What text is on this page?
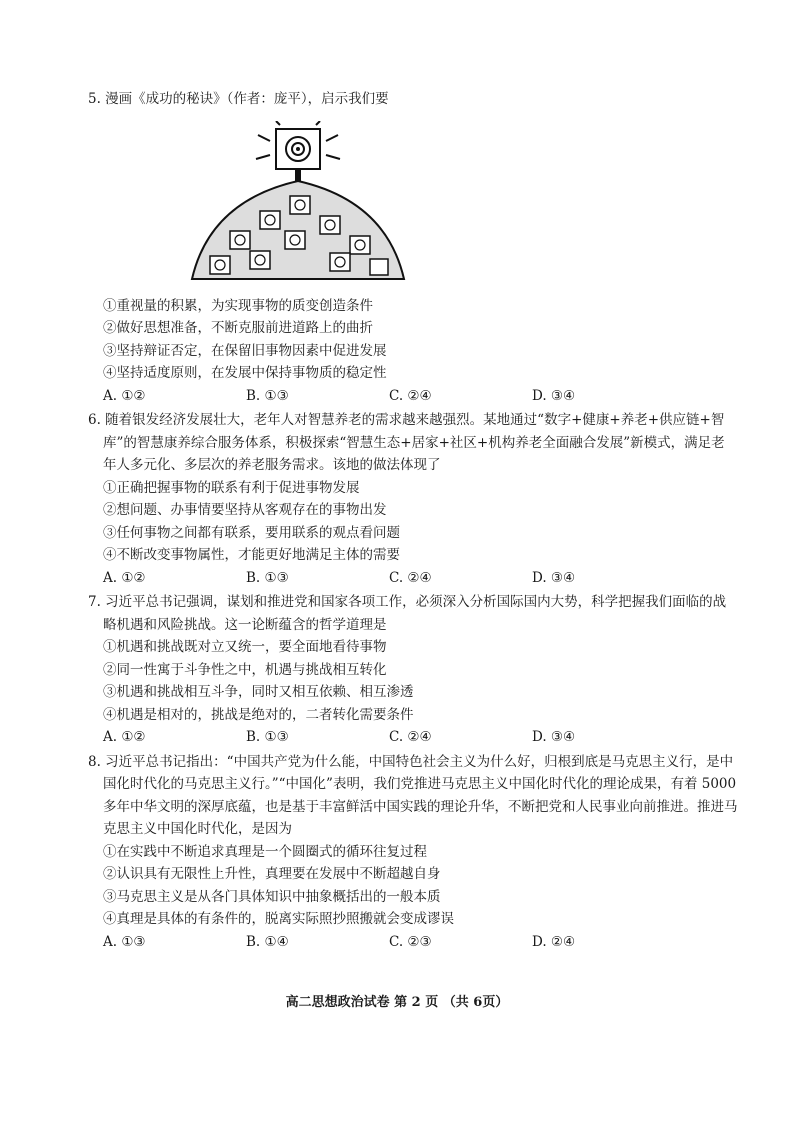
5. 漫画《成功的秘诀》（作者：庞平），启示我们要
①重视量的积累，为实现事物的质变创造条件
②做好思想准备，不断克服前进道路上的曲折
③坚持辩证否定，在保留旧事物因素中促进发展
④坚持适度原则，在发展中保持事物质的稳定性
A. ①②	B. ①③	C. ②④	D. ③④
6. 随着银发经济发展壮大，老年人对智慧养老的需求越来越强烈。某地通过“数字+健康+养老+供应链+智库”的智慧康养综合服务体系，积极探索“智慧生态+居家+社区+机构养老全面融合发展”新模式，满足老年人多元化、多层次的养老服务需求。该地的做法体现了
①正确把握事物的联系有利于促进事物发展
②想问题、办事情要坚持从客观存在的事物出发
③任何事物之间都有联系，要用联系的观点看问题
④不断改变事物属性，才能更好地满足主体的需要
A. ①②	B. ①③	C. ②④	D. ③④
7. 习近平总书记强调，谋划和推进党和国家各项工作，必须深入分析国际国内大势，科学把握我们面临的战略机遇和风险挑战。这一论断蕴含的哲学道理是
①机遇和挑战既对立又统一，要全面地看待事物
②同一性寓于斗争性之中，机遇与挑战相互转化
③机遇和挑战相互斗争，同时又相互依赖、相互渗透
④机遇是相对的，挑战是绝对的，二者转化需要条件
A. ①②	B. ①③	C. ②④	D. ③④
8. 习近平总书记指出：“中国共产党为什么能，中国特色社会主义为什么好，归根到底是马克思主义行，是中国化时代化的马克思主义行。”“中国化”表明，我们党推进马克思主义中国化时代化的理论成果，有着 5000 多年中华文明的深厚底蕴，也是基于丰富鲜活中国实践的理论升华，不断把党和人民事业向前推进。推进马克思主义中国化时代化，是因为
①在实践中不断追求真理是一个圆圈式的循环往复过程
②认识具有无限性上升性，真理要在发展中不断超越自身
③马克思主义是从各门具体知识中抽象概括出的一般本质
④真理是具体的有条件的，脱离实际照抄照搬就会变成谬误
A. ①③	B. ①④	C. ②③	D. ②④
高二思想政治试卷 第 2 页 （共 6页）
